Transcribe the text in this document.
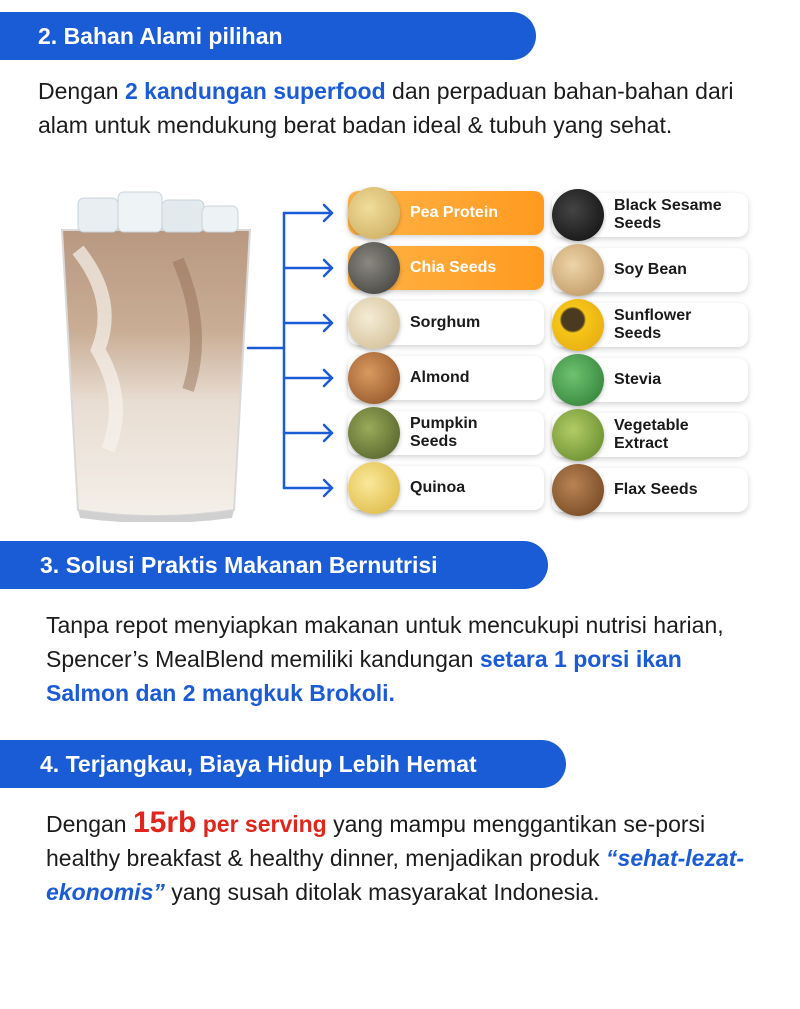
2. Bahan Alami pilihan
Dengan 2 kandungan superfood dan perpaduan bahan-bahan dari alam untuk mendukung berat badan ideal & tubuh yang sehat.
Pea Protein
Chia Seeds
Sorghum
Almond
Pumpkin Seeds
Quinoa
Black Sesame Seeds
Soy Bean
Sunflower Seeds
Stevia
Vegetable Extract
Flax Seeds
3. Solusi Praktis Makanan Bernutrisi
Tanpa repot menyiapkan makanan untuk mencukupi nutrisi harian, Spencer’s MealBlend memiliki kandungan setara 1 porsi ikan Salmon dan 2 mangkuk Brokoli.
4. Terjangkau, Biaya Hidup Lebih Hemat
Dengan 15rb per serving yang mampu menggantikan se-porsi healthy breakfast & healthy dinner, menjadikan produk “sehat-lezat-ekonomis” yang susah ditolak masyarakat Indonesia.
